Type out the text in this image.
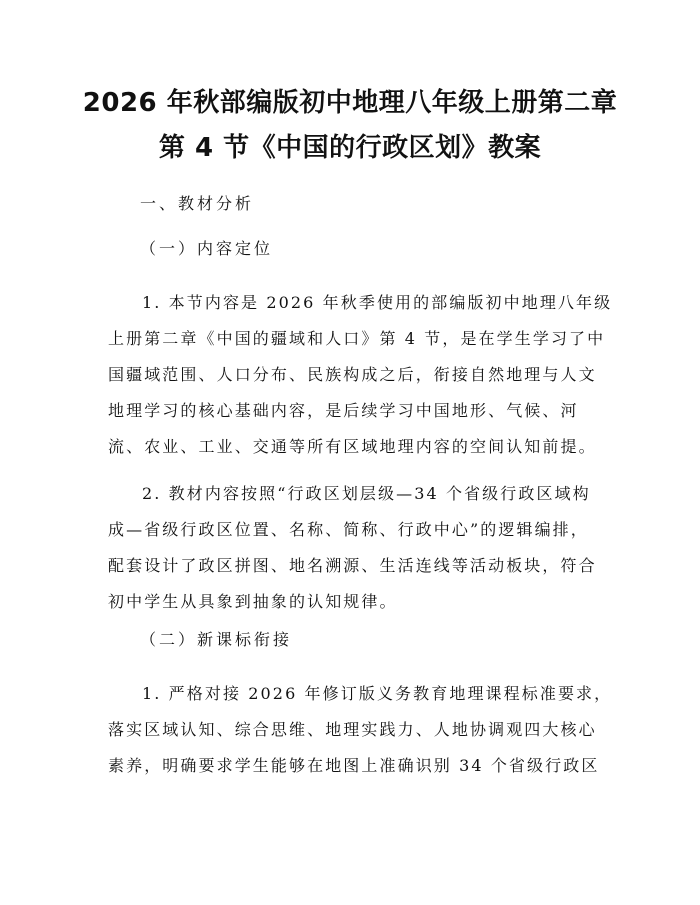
2026 年秋部编版初中地理八年级上册第二章
第 4 节《中国的行政区划》教案
一、教材分析
（一）内容定位
1. 本节内容是 2026 年秋季使用的部编版初中地理八年级
上册第二章《中国的疆域和人口》第 4 节，是在学生学习了中
国疆域范围、人口分布、民族构成之后，衔接自然地理与人文
地理学习的核心基础内容，是后续学习中国地形、气候、河
流、农业、工业、交通等所有区域地理内容的空间认知前提。
2. 教材内容按照“行政区划层级—34 个省级行政区域构
成—省级行政区位置、名称、简称、行政中心”的逻辑编排，
配套设计了政区拼图、地名溯源、生活连线等活动板块，符合
初中学生从具象到抽象的认知规律。
（二）新课标衔接
1. 严格对接 2026 年修订版义务教育地理课程标准要求，
落实区域认知、综合思维、地理实践力、人地协调观四大核心
素养，明确要求学生能够在地图上准确识别 34 个省级行政区
